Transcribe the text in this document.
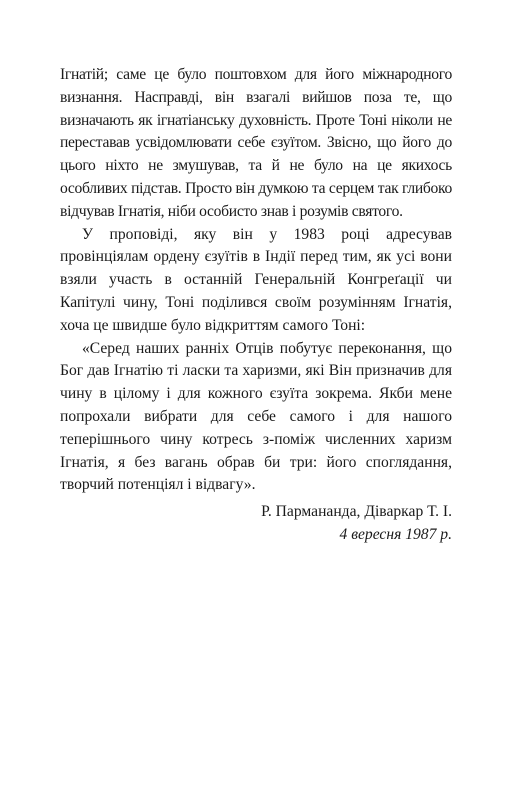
Ігнатій; саме це було поштовхом для його міжнародного визнання. Насправді, він взагалі вийшов поза те, що визначають як ігнатіанську духовність. Проте Тоні ніколи не переставав усвідомлювати себе єзуїтом. Звісно, що його до цього ніхто не змушував, та й не було на це якихось особливих підстав. Просто він думкою та серцем так глибоко відчував Ігнатія, ніби особисто знав і розумів святого.

У проповіді, яку він у 1983 році адресував провінціялам ордену єзуїтів в Індії перед тим, як усі вони взяли участь в останній Генеральній Конгреґації чи Капітулі чину, Тоні поділився своїм розумінням Ігнатія, хоча це швидше було відкриттям самого Тоні:

«Серед наших ранніх Отців побутує переконання, що Бог дав Ігнатію ті ласки та харизми, які Він призначив для чину в цілому і для кожного єзуїта зокрема. Якби мене попрохали вибрати для себе самого і для нашого теперішнього чину котресь з-поміж численних харизм Ігнатія, я без вагань обрав би три: його споглядання, творчий потенціял і відвагу».

Р. Пармананда, Діваркар Т. І.
4 вересня 1987 р.
